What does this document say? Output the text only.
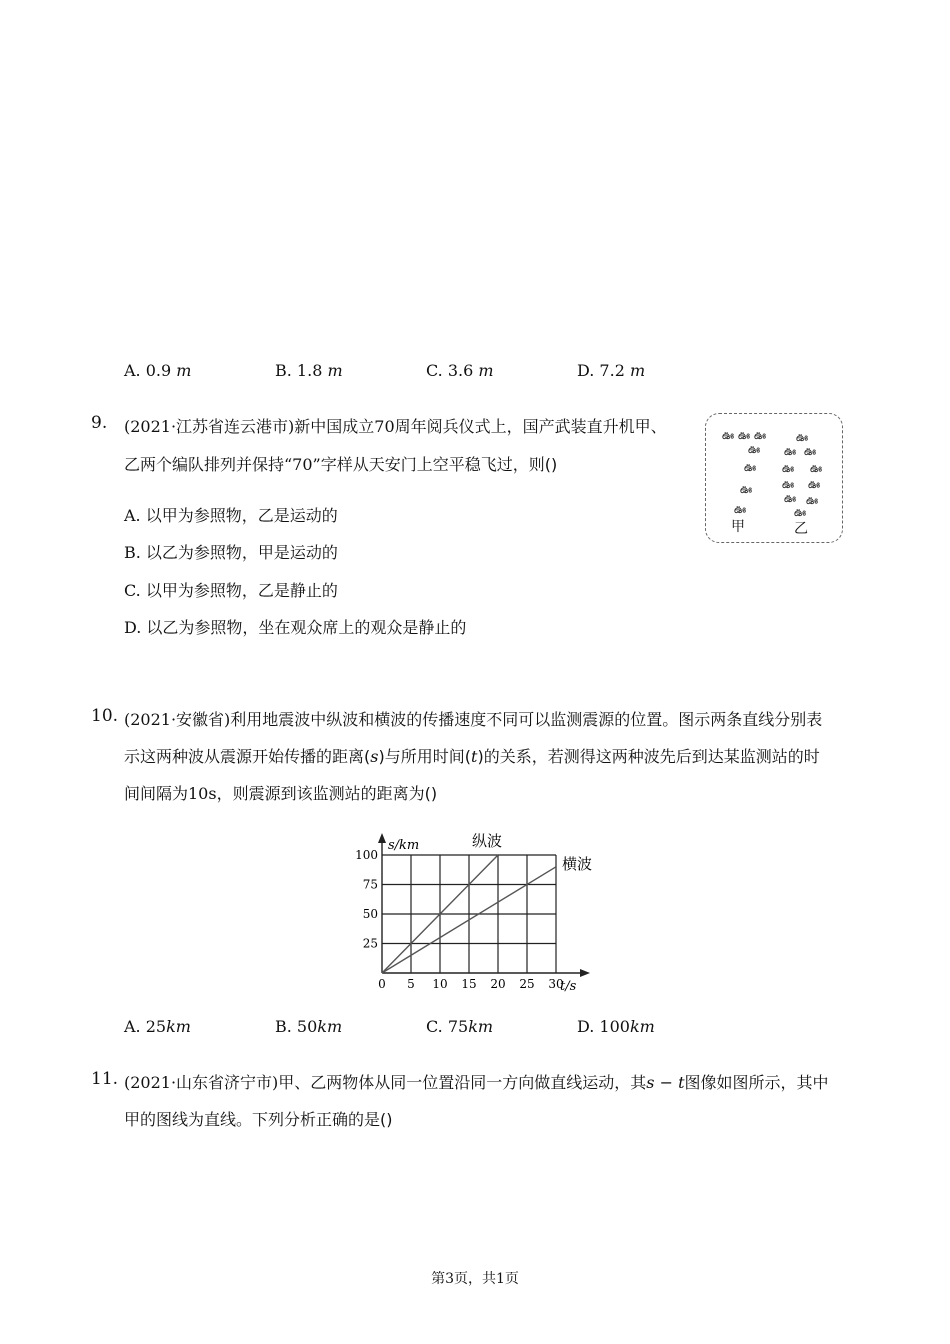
A. 0.9 m	B. 1.8 m	C. 3.6 m	D. 7.2 m
9. (2021·江苏省连云港市)新中国成立70周年阅兵仪式上，国产武装直升机甲、
乙两个编队排列并保持“70”字样从天安门上空平稳飞过，则()
A. 以甲为参照物，乙是运动的
B. 以乙为参照物，甲是运动的
C. 以甲为参照物，乙是静止的
D. 以乙为参照物，坐在观众席上的观众是静止的
ఊ ఊ ఊ
ఊ
ఊ
ఊ
ఊ
ఊ
ఊ ఊ
ఊ ఊ
ఊ ఊ
ఊ ఊ
ఊ
甲	乙
10. (2021·安徽省)利用地震波中纵波和横波的传播速度不同可以监测震源的位置。图示两条直线分别表
示这两种波从震源开始传播的距离(s)与所用时间(t)的关系，若测得这两种波先后到达某监测站的时
间间隔为10s，则震源到该监测站的距离为()
0 5 10 15 20 25 30
25
50
75
100
s/km
t/s
纵波
横波
A. 25km	B. 50km	C. 75km	D. 100km
11. (2021·山东省济宁市)甲、乙两物体从同一位置沿同一方向做直线运动，其s − t图像如图所示，其中
甲的图线为直线。下列分析正确的是()
第3页，共1页
